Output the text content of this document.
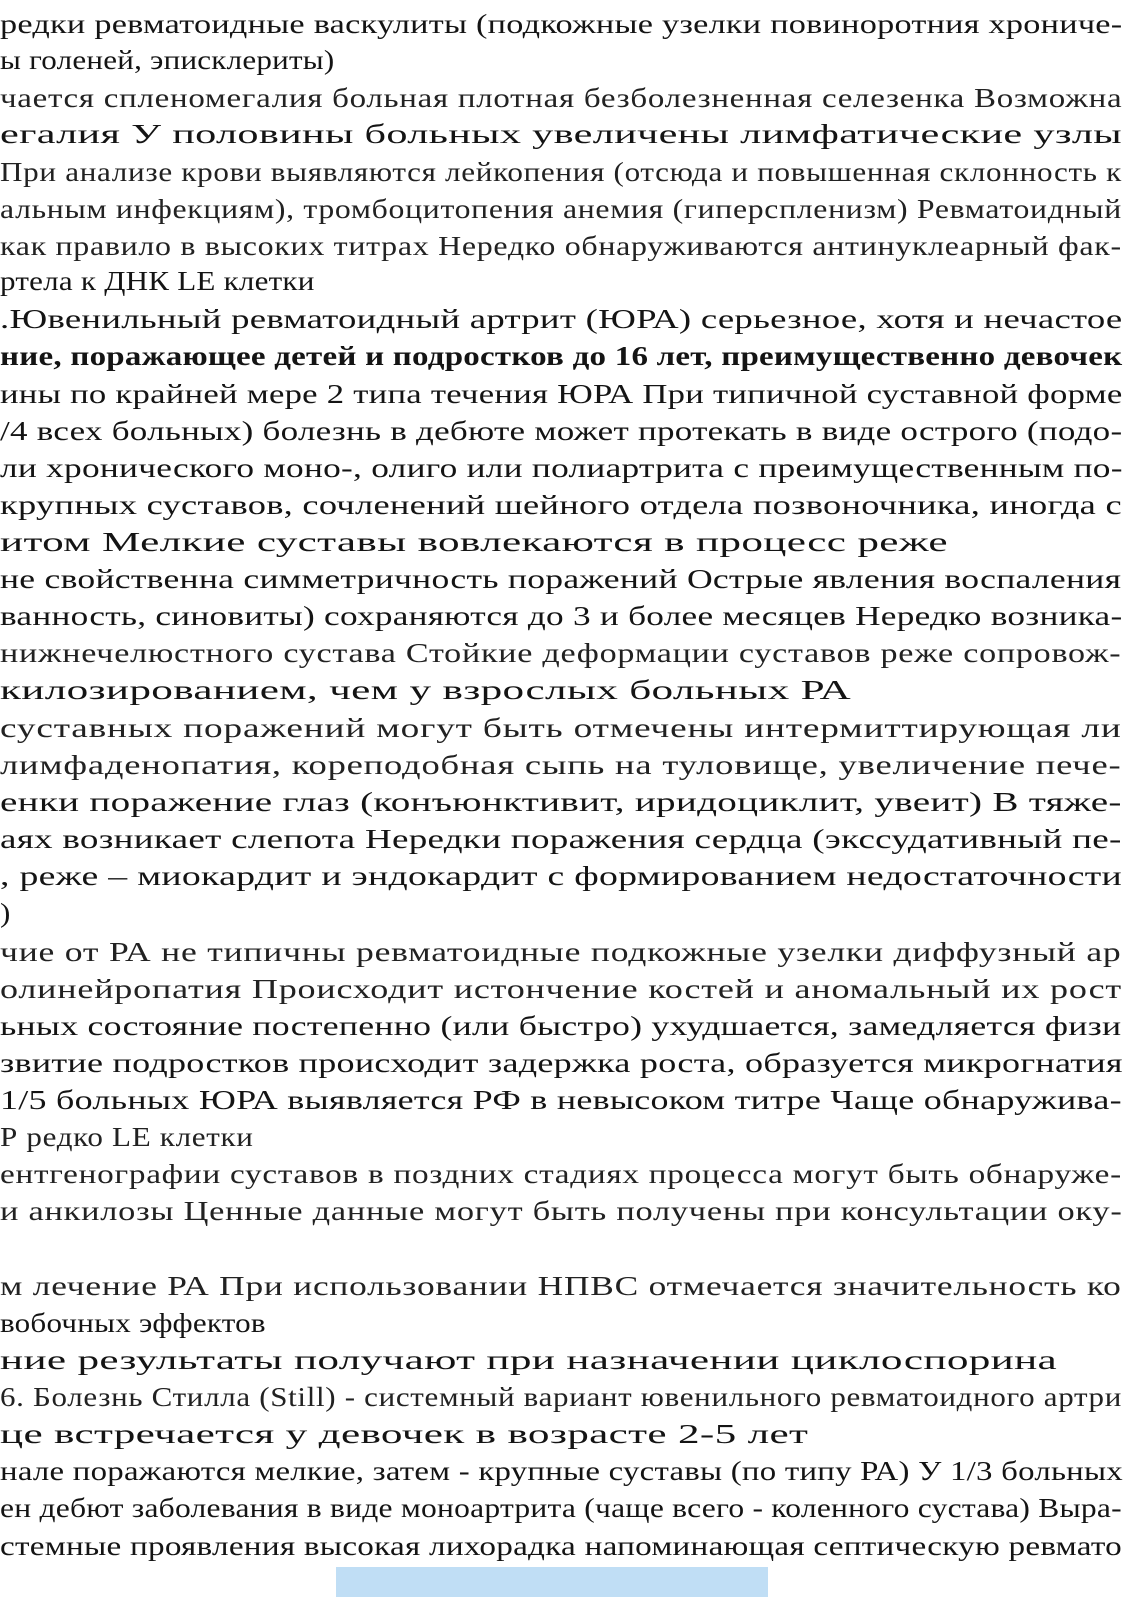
редки ревматоидные васкулиты (подкожные узелки повиноротния хрониче-

ы голеней, эписклериты)

чается спленомегалия больная плотная безболезненная селезенка Возможна

егалия У половины больных увеличены лимфатические узлы

При анализе крови выявляются лейкопения (отсюда и повышенная склонность к

альным инфекциям), тромбоцитопения анемия (гиперспленизм) Ревматоидный

как правило в высоких титрах Нередко обнаруживаются антинуклеарный фак-

ртела к ДНК LE клетки

.Ювенильный ревматоидный артрит (ЮРА) серьезное, хотя и нечастое

ние, поражающее детей и подростков до 16 лет, преимущественно девочек

ины по крайней мере 2 типа течения ЮРА При типичной суставной форме

/4 всех больных) болезнь в дебюте может протекать в виде острого (подо-

ли хронического моно-, олиго или полиартрита с преимущественным по-

крупных суставов, сочленений шейного отдела позвоночника, иногда с

итом Мелкие суставы вовлекаются в процесс реже

не свойственна симметричность поражений Острые явления воспаления

ванность, синовиты) сохраняются до 3 и более месяцев Нередко возника-

нижнечелюстного сустава Стойкие деформации суставов реже сопровож-

килозированием, чем у взрослых больных РА

суставных поражений могут быть отмечены интермиттирующая ли

лимфаденопатия, кореподобная сыпь на туловище, увеличение пече-

енки поражение глаз (конъюнктивит, иридоциклит, увеит) В тяже-

аях возникает слепота Нередки поражения сердца (экссудативный пе-

, реже – миокардит и эндокардит с формированием недостаточности

)

чие от РА не типичны ревматоидные подкожные узелки диффузный ар

олинейропатия Происходит истончение костей и аномальный их рост

ьных состояние постепенно (или быстро) ухудшается, замедляется физи

звитие подростков происходит задержка роста, образуется микрогнатия

1/5 больных ЮРА выявляется РФ в невысоком титре Чаще обнаружива-

Р редко LE клетки

ентгенографии суставов в поздних стадиях процесса могут быть обнаруже-

и анкилозы Ценные данные могут быть получены при консультации оку-

м лечение РА При использовании НПВС отмечается значительность ко

вобочных эффектов

ние результаты получают при назначении циклоспорина

6. Болезнь Стилла (Still) - системный вариант ювенильного ревматоидного артри

це встречается у девочек в возрасте 2-5 лет

нале поражаются мелкие, затем - крупные суставы (по типу РА) У 1/3 больных

ен дебют заболевания в виде моноартрита (чаще всего - коленного сустава) Выра-

стемные проявления высокая лихорадка напоминающая септическую ревмато
